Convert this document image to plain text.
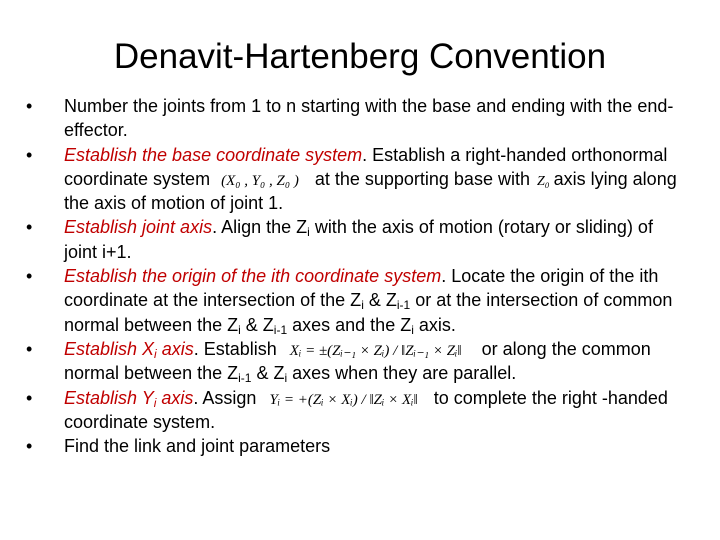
Denavit-Hartenberg Convention
•	Number the joints from 1 to n starting with the base and ending with the end-effector.
•	Establish the base coordinate system. Establish a right-handed orthonormal coordinate system (X₀ , Y₀ , Z₀ ) at the supporting base with Z₀ axis lying along the axis of motion of joint 1.
•	Establish joint axis. Align the $Z_i$ with the axis of motion (rotary or sliding) of joint i+1.
•	Establish the origin of the ith coordinate system. Locate the origin of the ith coordinate at the intersection of the $Z_i$ & $Z_{i-1}$ or at the intersection of common normal between the $Z_i$ & $Z_{i-1}$ axes and the $Z_i$ axis.
•	Establish $X_i$ axis. Establish Xᵢ = ±(Zᵢ₋₁ × Zᵢ) / ‖Zᵢ₋₁ × Zᵢ‖ or along the common normal between the $Z_{i-1}$ & $Z_i$ axes when they are parallel.
•	Establish $Y_i$ axis. Assign Yᵢ = +(Zᵢ × Xᵢ) / ‖Zᵢ × Xᵢ‖ to complete the right -handed coordinate system.
•	Find the link and joint parameters
